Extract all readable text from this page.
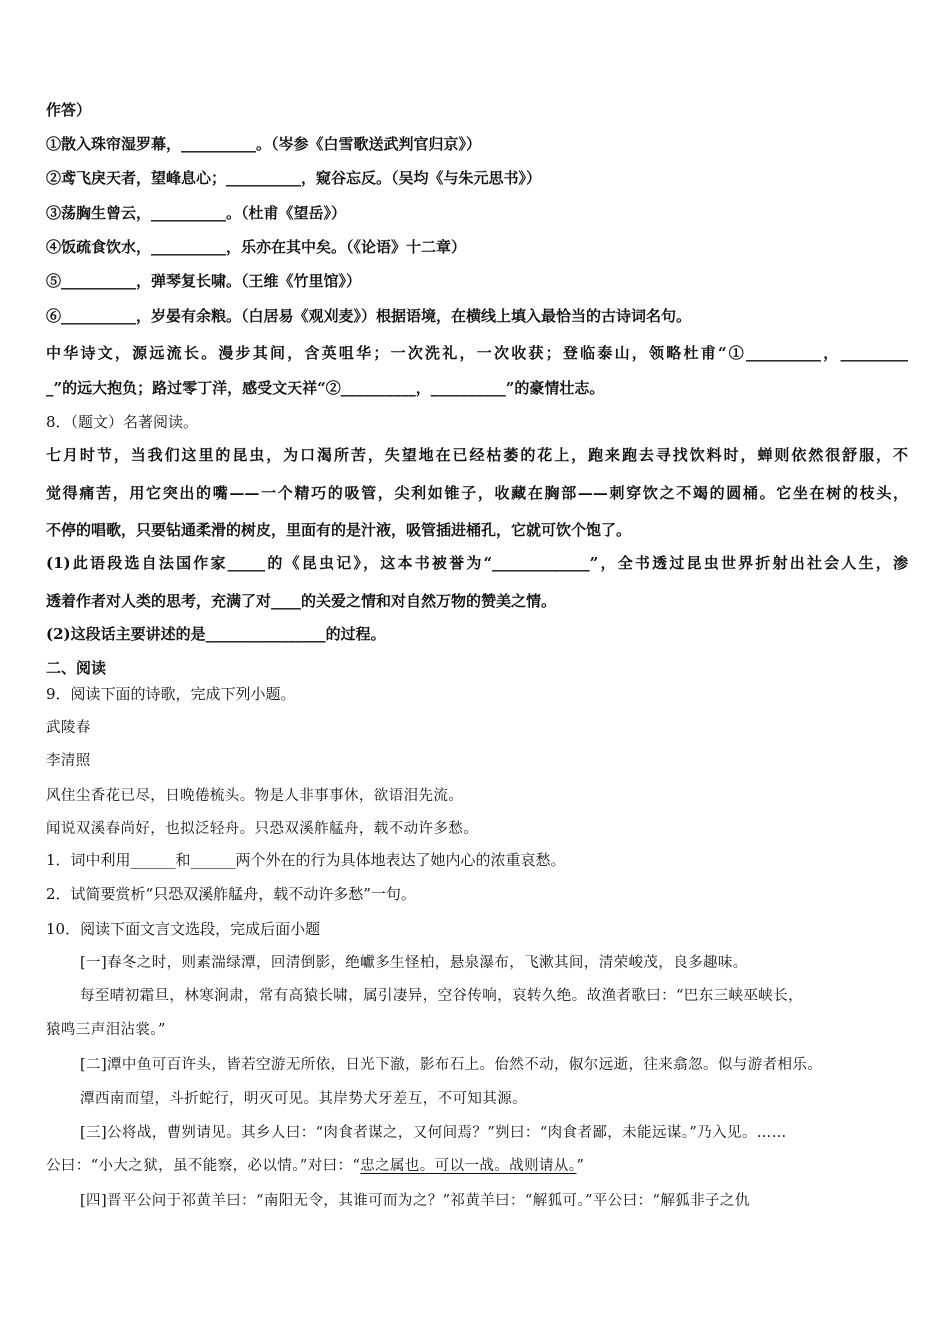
作答）
①散入珠帘湿罗幕，__________。（岑参《白雪歌送武判官归京》）
②鸢飞戾天者，望峰息心；__________，窥谷忘反。（吴均《与朱元思书》）
③荡胸生曾云，__________。（杜甫《望岳》）
④饭疏食饮水，__________，乐亦在其中矣。（《论语》十二章）
⑤__________，弹琴复长啸。（王维《竹里馆》）
⑥__________，岁晏有余粮。（白居易《观刈麦》）根据语境，在横线上填入最恰当的古诗词名句。
中华诗文，源远流长。漫步其间，含英咀华；一次洗礼，一次收获；登临泰山，领略杜甫“①__________，_________
_”的远大抱负；路过零丁洋，感受文天祥“②__________，__________”的豪情壮志。
8．（题文）名著阅读。
七月时节，当我们这里的昆虫，为口渴所苦，失望地在已经枯萎的花上，跑来跑去寻找饮料时，蝉则依然很舒服，不
觉得痛苦，用它突出的嘴——一个精巧的吸管，尖利如锥子，收藏在胸部——刺穿饮之不竭的圆桶。它坐在树的枝头，
不停的唱歌，只要钻通柔滑的树皮，里面有的是汁液，吸管插进桶孔，它就可饮个饱了。
(1)此语段选自法国作家_____的《昆虫记》，这本书被誉为“_____________”，全书透过昆虫世界折射出社会人生，渗
透着作者对人类的思考，充满了对____的关爱之情和对自然万物的赞美之情。
(2)这段话主要讲述的是________________的过程。
二、阅读
9．阅读下面的诗歌，完成下列小题。
武陵春
李清照
风住尘香花已尽，日晚倦梳头。物是人非事事休，欲语泪先流。
闻说双溪春尚好，也拟泛轻舟。只恐双溪舴艋舟，载不动许多愁。
1．词中利用______和______两个外在的行为具体地表达了她内心的浓重哀愁。
2．试简要赏析“只恐双溪舴艋舟，载不动许多愁”一句。
10．阅读下面文言文选段，完成后面小题
[一]春冬之时，则素湍绿潭，回清倒影，绝巘多生怪柏，悬泉瀑布，飞漱其间，清荣峻茂，良多趣味。
每至晴初霜旦，林寒涧肃，常有高猿长啸，属引凄异，空谷传响，哀转久绝。故渔者歌曰：“巴东三峡巫峡长，
猿鸣三声泪沾裳。”
[二]潭中鱼可百许头，皆若空游无所依，日光下澈，影布石上。佁然不动，俶尔远逝，往来翕忽。似与游者相乐。
潭西南而望，斗折蛇行，明灭可见。其岸势犬牙差互，不可知其源。
[三]公将战，曹刿请见。其乡人曰：“肉食者谋之，又何间焉？”刿曰：“肉食者鄙，未能远谋。”乃入见。……
公曰：“小大之狱，虽不能察，必以情。”对曰：“忠之属也。可以一战。战则请从。”
[四]晋平公问于祁黄羊曰：“南阳无令，其谁可而为之？”祁黄羊曰：“解狐可。”平公曰：“解狐非子之仇
